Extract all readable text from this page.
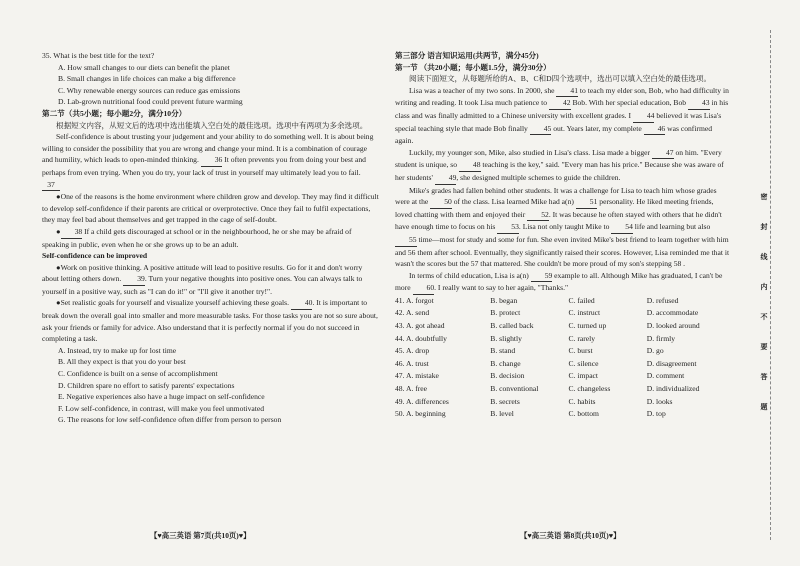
35. What is the best title for the text?

A. How small changes to our diets can benefit the planet

B. Small changes in life choices can make a big difference

C. Why renewable energy sources can reduce gas emissions

D. Lab-grown nutritional food could prevent future warming

第二节（共5小题；每小题2分，满分10分）

根据短文内容，从短文后的选项中选出能填入空白处的最佳选项。选项中有两项为多余选项。

Self-confidence is about trusting your judgement and your ability to do something well. It is about being willing to consider the possibility that you are wrong and change your mind. It is a combination of courage and humility, which leads to open-minded thinking. 36 It often prevents you from doing your best and perhaps from even trying. When you do try, your lack of trust in yourself may ultimately lead you to fail.

37

●One of the reasons is the home environment where children grow and develop. They may find it difficult to develop self-confidence if their parents are critical or overprotective. Once they fail to fulfil expectations, they may feel bad about themselves and get trapped in the cage of self-doubt.

● 38 If a child gets discouraged at school or in the neighbourhood, he or she may be afraid of speaking in public, even when he or she grows up to be an adult.

Self-confidence can be improved

●Work on positive thinking. A positive attitude will lead to positive results. Go for it and don't worry about letting others down. 39. Turn your negative thoughts into positive ones. You can always talk to yourself in a positive way, such as "I can do it!" or "I'll give it another try!".

●Set realistic goals for yourself and visualize yourself achieving these goals. 40. It is important to break down the overall goal into smaller and more measurable tasks. For those tasks you are not so sure about, ask your friends or family for advice. Also understand that it is perfectly normal if you do not succeed in completing a task.

A. Instead, try to make up for lost time

B. All they expect is that you do your best

C. Confidence is built on a sense of accomplishment

D. Children spare no effort to satisfy parents' expectations

E. Negative experiences also have a huge impact on self-confidence

F. Low self-confidence, in contrast, will make you feel unmotivated

G. The reasons for low self-confidence often differ from person to person

【♥高三英语 第7页(共10页)♥】

第三部分 语言知识运用(共两节，满分45分)

第一节 （共20小题；每小题1.5分，满分30分）

阅读下面短文，从每题所给的A、B、C和D四个选项中，选出可以填入空白处的最佳选项。

Lisa was a teacher of my two sons. In 2000, she 41 to teach my elder son, Bob, who had difficulty in writing and reading. It took Lisa much patience to 42 Bob. With her special education, Bob 43 in his class and was finally admitted to a Chinese university with excellent grades. I 44 believed it was Lisa's special teaching style that made Bob finally 45 out. Years later, my complete 46 was confirmed again.

Luckily, my younger son, Mike, also studied in Lisa's class. Lisa made a bigger 47 on him. "Every student is unique, so 48 teaching is the key," said. "Every man has his price." Because she was aware of her students' 49, she designed multiple schemes to guide the children.

Mike's grades had fallen behind other students. It was a challenge for Lisa to teach him whose grades were at the 50 of the class. Lisa learned Mike had a(n) 51 personality. He liked meeting friends, loved chatting with them and enjoyed their 52. It was because he often stayed with others that he didn't have enough time to focus on his 53. Lisa not only taught Mike to 54 life and learning but also 55 time—most for study and some for fun. She even invited Mike's best friend to learn together with him and 56 them after school. Eventually, they significantly raised their scores. However, Lisa reminded me that it wasn't the scores but the 57 that mattered. She couldn't be more proud of my son's stepping 58 .

In terms of child education, Lisa is a(n) 59 example to all. Although Mike has graduated, I can't be more 60. I really want to say to her again, "Thanks."

41. A. forgot	B. began	C. failed	D. refused
42. A. send	B. protect	C. instruct	D. accommodate
43. A. got ahead	B. called back	C. turned up	D. looked around
44. A. doubtfully	B. slightly	C. rarely	D. firmly
45. A. drop	B. stand	C. burst	D. go
46. A. trust	B. change	C. silence	D. disagreement
47. A. mistake	B. decision	C. impact	D. comment
48. A. free	B. conventional	C. changeless	D. individualized
49. A. differences	B. secrets	C. habits	D. looks
50. A. beginning	B. level	C. bottom	D. top
【♥高三英语 第8页(共10页)♥】
密
封
线
内
不
要
答
题
